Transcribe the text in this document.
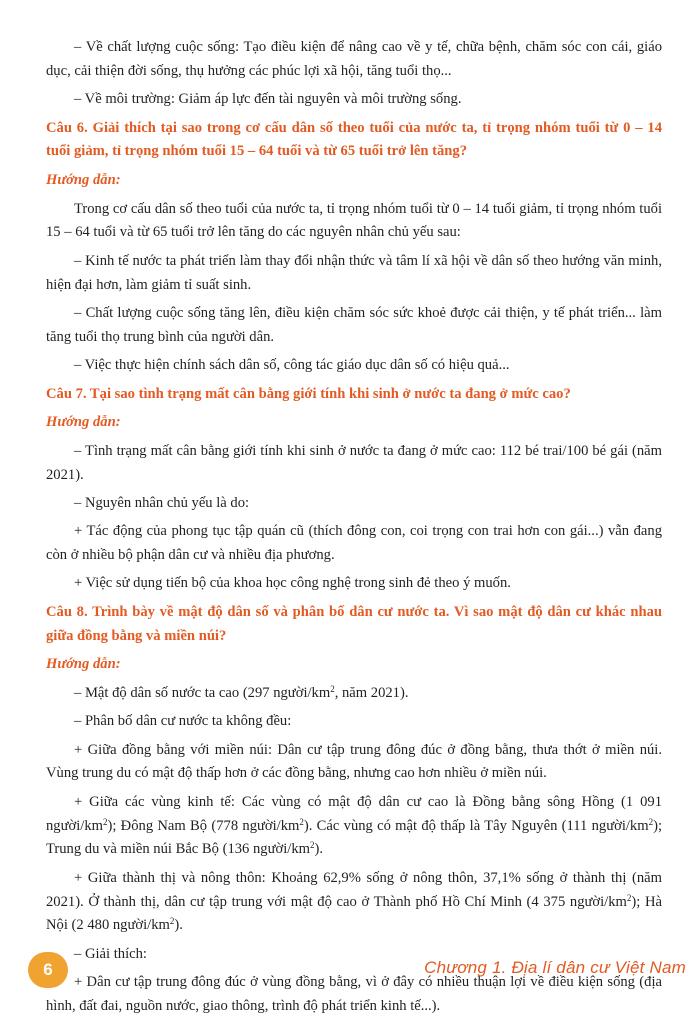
– Về chất lượng cuộc sống: Tạo điều kiện để nâng cao về y tế, chữa bệnh, chăm sóc con cái, giáo dục, cải thiện đời sống, thụ hưởng các phúc lợi xã hội, tăng tuổi thọ...

– Về môi trường: Giảm áp lực đến tài nguyên và môi trường sống.

Câu 6. Giải thích tại sao trong cơ cấu dân số theo tuổi của nước ta, tỉ trọng nhóm tuổi từ 0 – 14 tuổi giảm, tỉ trọng nhóm tuổi 15 – 64 tuổi và từ 65 tuổi trở lên tăng?

Hướng dẫn:

Trong cơ cấu dân số theo tuổi của nước ta, tỉ trọng nhóm tuổi từ 0 – 14 tuổi giảm, tỉ trọng nhóm tuổi 15 – 64 tuổi và từ 65 tuổi trở lên tăng do các nguyên nhân chủ yếu sau:

– Kinh tế nước ta phát triển làm thay đổi nhận thức và tâm lí xã hội về dân số theo hướng văn minh, hiện đại hơn, làm giảm tỉ suất sinh.

– Chất lượng cuộc sống tăng lên, điều kiện chăm sóc sức khoẻ được cải thiện, y tế phát triển... làm tăng tuổi thọ trung bình của người dân.

– Việc thực hiện chính sách dân số, công tác giáo dục dân số có hiệu quả...

Câu 7. Tại sao tình trạng mất cân bằng giới tính khi sinh ở nước ta đang ở mức cao?

Hướng dẫn:

– Tình trạng mất cân bằng giới tính khi sinh ở nước ta đang ở mức cao: 112 bé trai/100 bé gái (năm 2021).

– Nguyên nhân chủ yếu là do:

+ Tác động của phong tục tập quán cũ (thích đông con, coi trọng con trai hơn con gái...) vẫn đang còn ở nhiều bộ phận dân cư và nhiều địa phương.

+ Việc sử dụng tiến bộ của khoa học công nghệ trong sinh đẻ theo ý muốn.

Câu 8. Trình bày về mật độ dân số và phân bố dân cư nước ta. Vì sao mật độ dân cư khác nhau giữa đồng bằng và miền núi?

Hướng dẫn:

– Mật độ dân số nước ta cao (297 người/$km^2$, năm 2021).

– Phân bố dân cư nước ta không đều:

+ Giữa đồng bằng với miền núi: Dân cư tập trung đông đúc ở đồng bằng, thưa thớt ở miền núi. Vùng trung du có mật độ thấp hơn ở các đồng bằng, nhưng cao hơn nhiều ở miền núi.

+ Giữa các vùng kinh tế: Các vùng có mật độ dân cư cao là Đồng bằng sông Hồng (1 091 người/$km^2$); Đông Nam Bộ (778 người/$km^2$). Các vùng có mật độ thấp là Tây Nguyên (111 người/$km^2$); Trung du và miền núi Bắc Bộ (136 người/$km^2$).

+ Giữa thành thị và nông thôn: Khoảng 62,9% sống ở nông thôn, 37,1% sống ở thành thị (năm 2021). Ở thành thị, dân cư tập trung với mật độ cao ở Thành phố Hồ Chí Minh (4 375 người/$km^2$); Hà Nội (2 480 người/$km^2$).

– Giải thích:

+ Dân cư tập trung đông đúc ở vùng đồng bằng, vì ở đây có nhiều thuận lợi về điều kiện sống (địa hình, đất đai, nguồn nước, giao thông, trình độ phát triển kinh tế...).

6	Chương 1. Địa lí dân cư Việt Nam
